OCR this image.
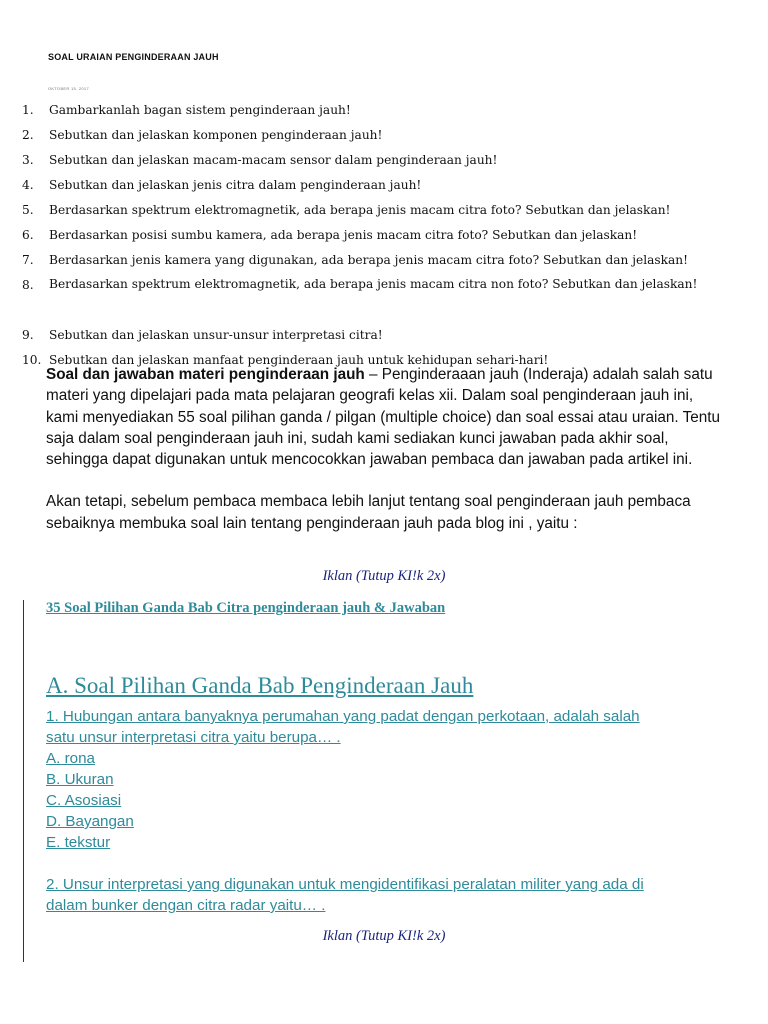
SOAL URAIAN PENGINDERAAN JAUH
OKTOBER 15, 2017
1. Gambarkanlah bagan sistem penginderaan jauh!
2. Sebutkan dan jelaskan komponen penginderaan jauh!
3. Sebutkan dan jelaskan macam-macam sensor dalam penginderaan jauh!
4. Sebutkan dan jelaskan jenis citra dalam penginderaan jauh!
5. Berdasarkan spektrum elektromagnetik, ada berapa jenis macam citra foto? Sebutkan dan jelaskan!
6. Berdasarkan posisi sumbu kamera, ada berapa jenis macam citra foto? Sebutkan dan jelaskan!
7. Berdasarkan jenis kamera yang digunakan, ada berapa jenis macam citra foto? Sebutkan dan jelaskan!
8. Berdasarkan spektrum elektromagnetik, ada berapa jenis macam citra non foto? Sebutkan dan jelaskan!
9. Sebutkan dan jelaskan unsur-unsur interpretasi citra!
10. Sebutkan dan jelaskan manfaat penginderaan jauh untuk kehidupan sehari-hari!

Soal dan jawaban materi penginderaan jauh – Penginderaaan jauh (Inderaja) adalah salah satu materi yang dipelajari pada mata pelajaran geografi kelas xii. Dalam soal penginderaan jauh ini, kami menyediakan 55 soal pilihan ganda / pilgan (multiple choice) dan soal essai atau uraian. Tentu saja dalam soal penginderaan jauh ini, sudah kami sediakan kunci jawaban pada akhir soal, sehingga dapat digunakan untuk mencocokkan jawaban pembaca dan jawaban pada artikel ini.

Akan tetapi, sebelum pembaca membaca lebih lanjut tentang soal penginderaan jauh pembaca sebaiknya membuka soal lain tentang penginderaan jauh pada blog ini , yaitu :

Iklan (Tutup KI!k 2x)
35 Soal Pilihan Ganda Bab Citra penginderaan jauh & Jawaban
A. Soal Pilihan Ganda Bab Penginderaan Jauh
1. Hubungan antara banyaknya perumahan yang padat dengan perkotaan, adalah salah
satu unsur interpretasi citra yaitu berupa… .
A. rona
B. Ukuran
C. Asosiasi
D. Bayangan
E. tekstur
2. Unsur interpretasi yang digunakan untuk mengidentifikasi peralatan militer yang ada di
dalam bunker dengan citra radar yaitu… .
Iklan (Tutup KI!k 2x)
